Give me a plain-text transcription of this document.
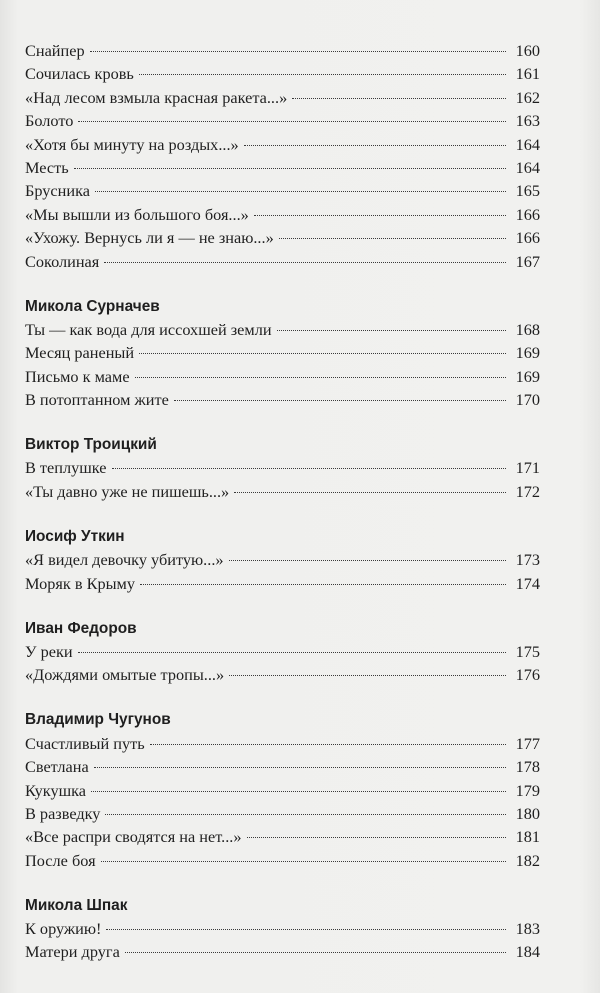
Снайпер	160
Сочилась кровь	161
«Над лесом взмыла красная ракета...»	162
Болото	163
«Хотя бы минуту на роздых...»	164
Месть	164
Брусника	165
«Мы вышли из большого боя...»	166
«Ухожу. Вернусь ли я — не знаю...»	166
Соколиная	167
Микола Сурначев
Ты — как вода для иссохшей земли	168
Месяц раненый	169
Письмо к маме	169
В потоптанном жите	170
Виктор Троицкий
В теплушке	171
«Ты давно уже не пишешь...»	172
Иосиф Уткин
«Я видел девочку убитую...»	173
Моряк в Крыму	174
Иван Федоров
У реки	175
«Дождями омытые тропы...»	176
Владимир Чугунов
Счастливый путь	177
Светлана	178
Кукушка	179
В разведку	180
«Все распри сводятся на нет...»	181
После боя	182
Микола Шпак
К оружию!	183
Матери друга	184
